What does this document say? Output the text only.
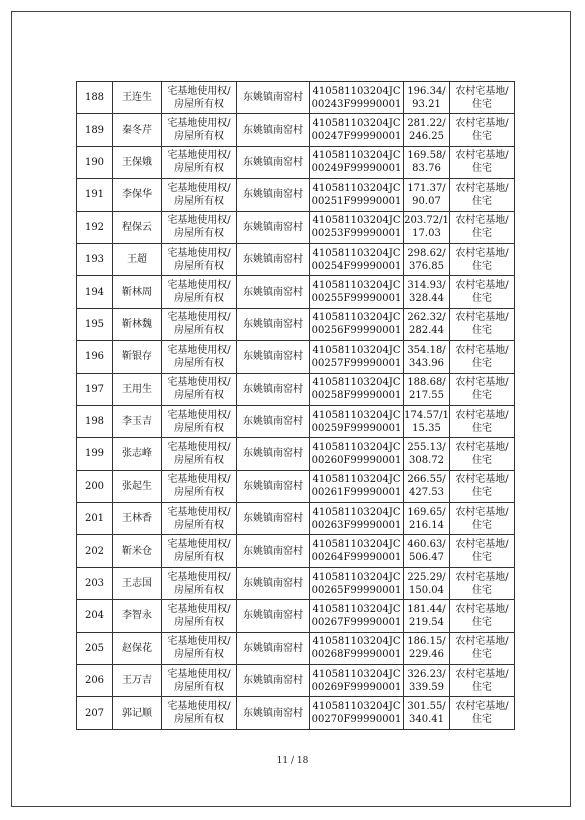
188	王连生	宅基地使用权/
房屋所有权	东姚镇南窑村	410581103204JC
00243F99990001	196.34/
93.21	农村宅基地/
住宅

189	秦冬芹	宅基地使用权/
房屋所有权	东姚镇南窑村	410581103204JC
00247F99990001	281.22/
246.25	农村宅基地/
住宅

190	王保娥	宅基地使用权/
房屋所有权	东姚镇南窑村	410581103204JC
00249F99990001	169.58/
83.76	农村宅基地/
住宅

191	李保华	宅基地使用权/
房屋所有权	东姚镇南窑村	410581103204JC
00251F99990001	171.37/
90.07	农村宅基地/
住宅

192	程保云	宅基地使用权/
房屋所有权	东姚镇南窑村	410581103204JC
00253F99990001	203.72/1
17.03	农村宅基地/
住宅

193	王超	宅基地使用权/
房屋所有权	东姚镇南窑村	410581103204JC
00254F99990001	298.62/
376.85	农村宅基地/
住宅

194	靳林周	宅基地使用权/
房屋所有权	东姚镇南窑村	410581103204JC
00255F99990001	314.93/
328.44	农村宅基地/
住宅

195	靳林魏	宅基地使用权/
房屋所有权	东姚镇南窑村	410581103204JC
00256F99990001	262.32/
282.44	农村宅基地/
住宅

196	靳银存	宅基地使用权/
房屋所有权	东姚镇南窑村	410581103204JC
00257F99990001	354.18/
343.96	农村宅基地/
住宅

197	王用生	宅基地使用权/
房屋所有权	东姚镇南窑村	410581103204JC
00258F99990001	188.68/
217.55	农村宅基地/
住宅

198	李玉吉	宅基地使用权/
房屋所有权	东姚镇南窑村	410581103204JC
00259F99990001	174.57/1
15.35	农村宅基地/
住宅

199	张志峰	宅基地使用权/
房屋所有权	东姚镇南窑村	410581103204JC
00260F99990001	255.13/
308.72	农村宅基地/
住宅

200	张起生	宅基地使用权/
房屋所有权	东姚镇南窑村	410581103204JC
00261F99990001	266.55/
427.53	农村宅基地/
住宅

201	王林香	宅基地使用权/
房屋所有权	东姚镇南窑村	410581103204JC
00263F99990001	169.65/
216.14	农村宅基地/
住宅

202	靳米仓	宅基地使用权/
房屋所有权	东姚镇南窑村	410581103204JC
00264F99990001	460.63/
506.47	农村宅基地/
住宅

203	王志国	宅基地使用权/
房屋所有权	东姚镇南窑村	410581103204JC
00265F99990001	225.29/
150.04	农村宅基地/
住宅

204	李智永	宅基地使用权/
房屋所有权	东姚镇南窑村	410581103204JC
00267F99990001	181.44/
219.54	农村宅基地/
住宅

205	赵保花	宅基地使用权/
房屋所有权	东姚镇南窑村	410581103204JC
00268F99990001	186.15/
229.46	农村宅基地/
住宅

206	王万吉	宅基地使用权/
房屋所有权	东姚镇南窑村	410581103204JC
00269F99990001	326.23/
339.59	农村宅基地/
住宅

207	郭记顺	宅基地使用权/
房屋所有权	东姚镇南窑村	410581103204JC
00270F99990001	301.55/
340.41	农村宅基地/
住宅
11 / 18
